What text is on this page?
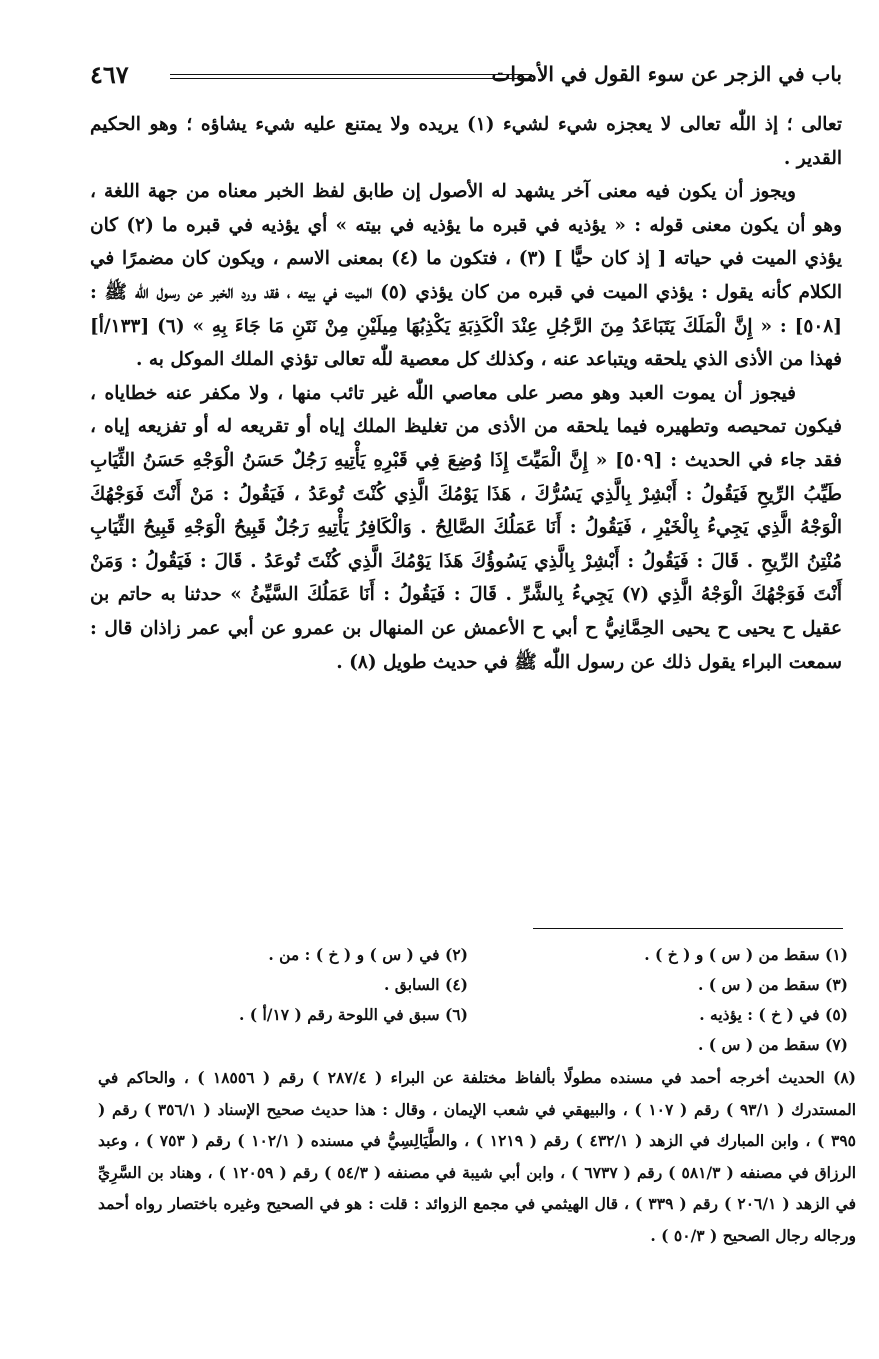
باب في الزجر عن سوء القول في الأموات
٤٦٧

تعالى ؛ إذ اللّٰه تعالى لا يعجزه شيء لشيء (١) يريده ولا يمتنع عليه شيء يشاؤه ؛ وهو الحكيم القدير .

ويجوز أن يكون فيه معنى آخر يشهد له الأصول إن طابق لفظ الخبر معناه من جهة اللغة ، وهو أن يكون معنى قوله : « يؤذيه في قبره ما يؤذيه في بيته » أي يؤذيه في قبره ما (٢) كان يؤذي الميت في حياته [ إذ كان حيًّا ] (٣) ، فتكون ما (٤) بمعنى الاسم ، ويكون كان مضمرًا في الكلام كأنه يقول : يؤذي الميت في قبره من كان يؤذي (٥) الميت في بيته ، فقد ورد الخبر عن رسول اللّٰه ﷺ : [٥٠٨] : « إِنَّ الْمَلَكَ يَتَبَاعَدُ مِنَ الرَّجُلِ عِنْدَ الْكَذِبَةِ يَكْذِبُهَا مِيلَيْنِ مِنْ نَتَنِ مَا جَاءَ بِهِ » (٦) [١٣٣/أ] فهذا من الأذى الذي يلحقه ويتباعد عنه ، وكذلك كل معصية للّٰه تعالى تؤذي الملك الموكل به .

فيجوز أن يموت العبد وهو مصر على معاصي اللّٰه غير تائب منها ، ولا مكفر عنه خطاياه ، فيكون تمحيصه وتطهيره فيما يلحقه من الأذى من تغليظ الملك إياه أو تقريعه له أو تفزيعه إياه ، فقد جاء في الحديث : [٥٠٩] « إِنَّ الْمَيِّتَ إِذَا وُضِعَ فِي قَبْرِهِ يَأْتِيهِ رَجُلٌ حَسَنُ الْوَجْهِ حَسَنُ الثِّيَابِ طَيِّبُ الرِّيحِ فَيَقُولُ : أَبْشِرْ بِالَّذِي يَسُرُّكَ ، هَذَا يَوْمُكَ الَّذِي كُنْتَ تُوعَدُ ، فَيَقُولُ : مَنْ أَنْتَ فَوَجْهُكَ الْوَجْهُ الَّذِي يَجِيءُ بِالْخَيْرِ ، فَيَقُولُ : أَنَا عَمَلُكَ الصَّالِحُ . وَالْكَافِرُ يَأْتِيهِ رَجُلٌ قَبِيحُ الْوَجْهِ قَبِيحُ الثِّيَابِ مُنْتِنُ الرِّيحِ . قَالَ : فَيَقُولُ : أَبْشِرْ بِالَّذِي يَسُوؤُكَ هَذَا يَوْمُكَ الَّذِي كُنْتَ تُوعَدُ . قَالَ : فَيَقُولُ : وَمَنْ أَنْتَ فَوَجْهُكَ الْوَجْهُ الَّذِي (٧) يَجِيءُ بِالشَّرِّ . قَالَ : فَيَقُولُ : أَنَا عَمَلُكَ السَّيِّئُ » حدثنا به حاتم بن عقيل ح يحيى ح يحيى الحِمَّانِيُّ ح أبي ح الأعمش عن المنهال بن عمرو عن أبي عمر زاذان قال : سمعت البراء يقول ذلك عن رسول اللّٰه ﷺ في حديث طويل (٨) .

(١) سقط من ( س ) و ( خ ) .
(٢) في ( س ) و ( خ ) : من .
(٣) سقط من ( س ) .
(٤) السابق .
(٥) في ( خ ) : يؤذيه .
(٦) سبق في اللوحة رقم ( ١٧/أ ) .
(٧) سقط من ( س ) .
(٨) الحديث أخرجه أحمد في مسنده مطولًا بألفاظ مختلفة عن البراء ( ٢٨٧/٤ ) رقم ( ١٨٥٥٦ ) ، والحاكم في المستدرك ( ٩٣/١ ) رقم ( ١٠٧ ) ، والبيهقي في شعب الإيمان ، وقال : هذا حديث صحيح الإسناد ( ٣٥٦/١ ) رقم ( ٣٩٥ ) ، وابن المبارك في الزهد ( ٤٣٢/١ ) رقم ( ١٢١٩ ) ، والطَّيَالِسِيُّ في مسنده ( ١٠٢/١ ) رقم ( ٧٥٣ ) ، وعبد الرزاق في مصنفه ( ٥٨١/٣ ) رقم ( ٦٧٣٧ ) ، وابن أبي شيبة في مصنفه ( ٥٤/٣ ) رقم ( ١٢٠٥٩ ) ، وهناد بن السَّرِيِّ في الزهد ( ٢٠٦/١ ) رقم ( ٣٣٩ ) ، قال الهيثمي في مجمع الزوائد : قلت : هو في الصحيح وغيره باختصار رواه أحمد ورجاله رجال الصحيح ( ٥٠/٣ ) .
